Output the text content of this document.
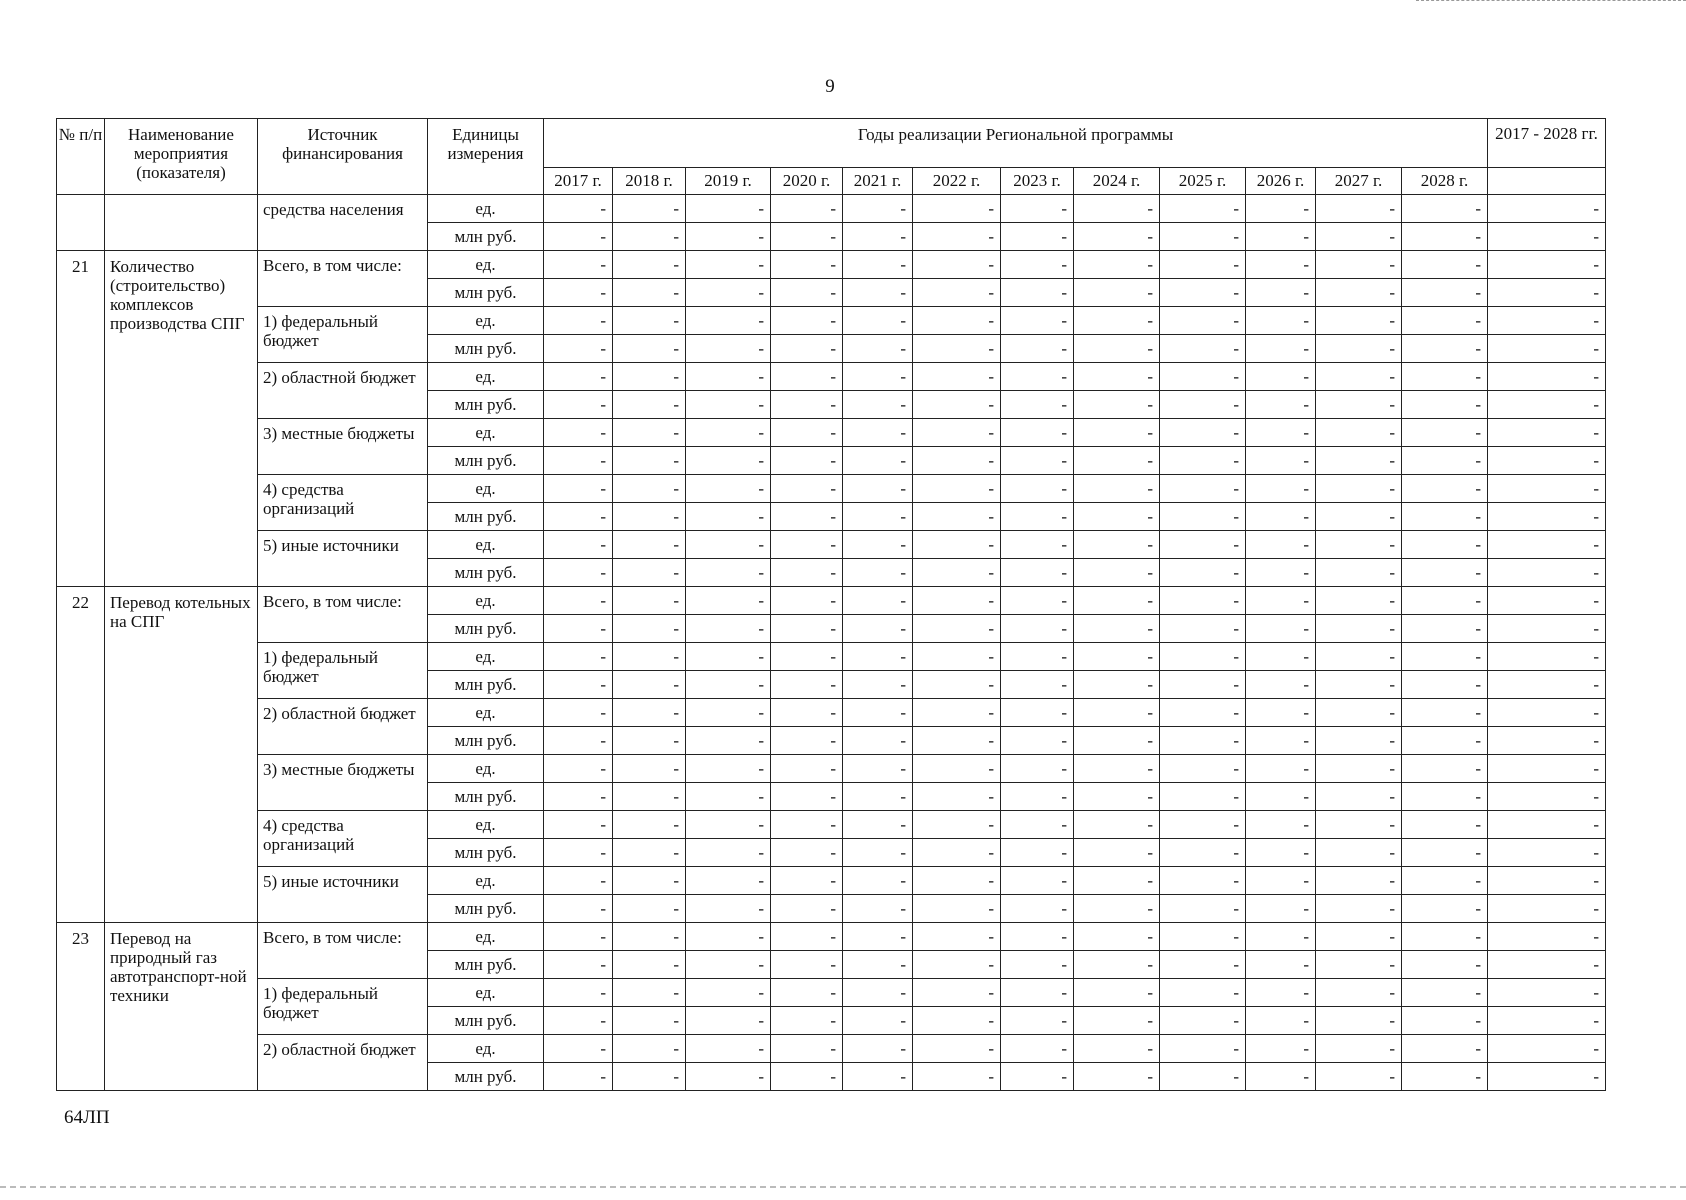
9
№ п/п	Наименование мероприятия (показателя)	Источник финансирования	Единицы измерения	Годы реализации Региональной программы												2017 - 2028 гг.
				2017 г.	2018 г.	2019 г.	2020 г.	2021 г.	2022 г.	2023 г.	2024 г.	2025 г.	2026 г.	2027 г.	2028 г.	
		средства населения	ед.	-	-	-	-	-	-	-	-	-	-	-	-	-
			млн руб.	-	-	-	-	-	-	-	-	-	-	-	-	-
21	Количество (строительство) комплексов производства СПГ	Всего, в том числе:	ед.	-	-	-	-	-	-	-	-	-	-	-	-	-
			млн руб.	-	-	-	-	-	-	-	-	-	-	-	-	-
		1) федеральный бюджет	ед.	-	-	-	-	-	-	-	-	-	-	-	-	-
			млн руб.	-	-	-	-	-	-	-	-	-	-	-	-	-
		2) областной бюджет	ед.	-	-	-	-	-	-	-	-	-	-	-	-	-
			млн руб.	-	-	-	-	-	-	-	-	-	-	-	-	-
		3) местные бюджеты	ед.	-	-	-	-	-	-	-	-	-	-	-	-	-
			млн руб.	-	-	-	-	-	-	-	-	-	-	-	-	-
		4) средства организаций	ед.	-	-	-	-	-	-	-	-	-	-	-	-	-
			млн руб.	-	-	-	-	-	-	-	-	-	-	-	-	-
		5) иные источники	ед.	-	-	-	-	-	-	-	-	-	-	-	-	-
			млн руб.	-	-	-	-	-	-	-	-	-	-	-	-	-
22	Перевод котельных на СПГ	Всего, в том числе:	ед.	-	-	-	-	-	-	-	-	-	-	-	-	-
			млн руб.	-	-	-	-	-	-	-	-	-	-	-	-	-
		1) федеральный бюджет	ед.	-	-	-	-	-	-	-	-	-	-	-	-	-
			млн руб.	-	-	-	-	-	-	-	-	-	-	-	-	-
		2) областной бюджет	ед.	-	-	-	-	-	-	-	-	-	-	-	-	-
			млн руб.	-	-	-	-	-	-	-	-	-	-	-	-	-
		3) местные бюджеты	ед.	-	-	-	-	-	-	-	-	-	-	-	-	-
			млн руб.	-	-	-	-	-	-	-	-	-	-	-	-	-
		4) средства организаций	ед.	-	-	-	-	-	-	-	-	-	-	-	-	-
			млн руб.	-	-	-	-	-	-	-	-	-	-	-	-	-
		5) иные источники	ед.	-	-	-	-	-	-	-	-	-	-	-	-	-
			млн руб.	-	-	-	-	-	-	-	-	-	-	-	-	-
23	Перевод на природный газ автотранспорт-ной техники	Всего, в том числе:	ед.	-	-	-	-	-	-	-	-	-	-	-	-	-
			млн руб.	-	-	-	-	-	-	-	-	-	-	-	-	-
		1) федеральный бюджет	ед.	-	-	-	-	-	-	-	-	-	-	-	-	-
			млн руб.	-	-	-	-	-	-	-	-	-	-	-	-	-
		2) областной бюджет	ед.	-	-	-	-	-	-	-	-	-	-	-	-	-
			млн руб.	-	-	-	-	-	-	-	-	-	-	-	-	-
64ЛП
